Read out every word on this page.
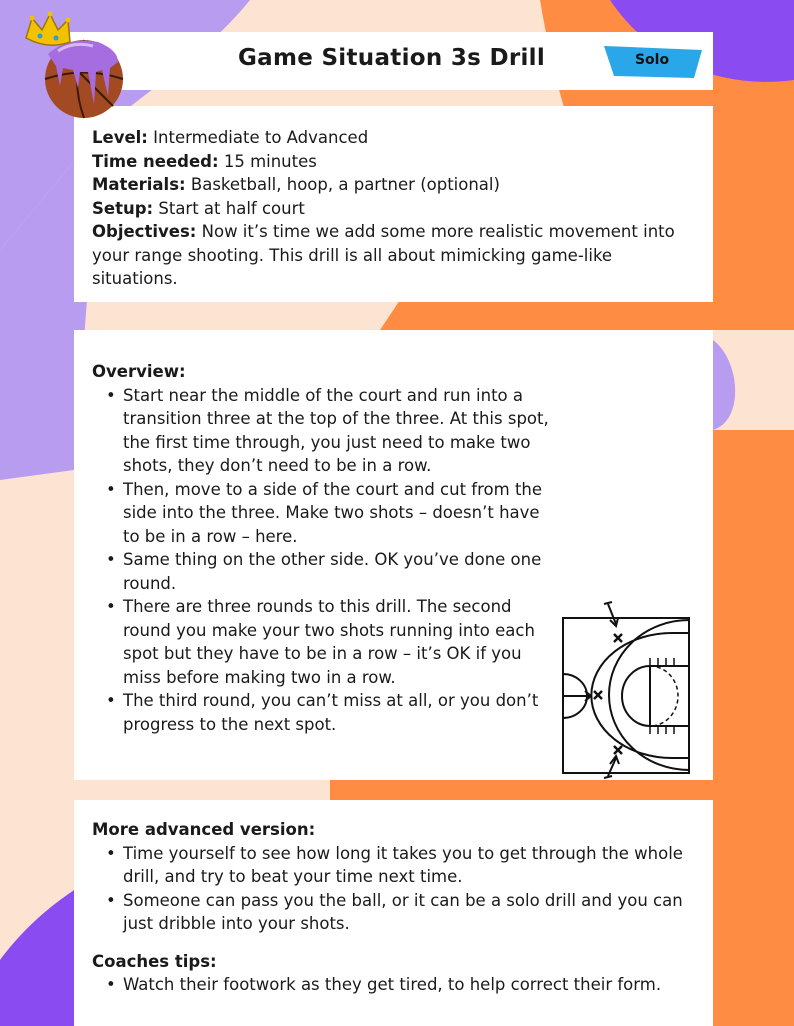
Game Situation 3s Drill	Solo

Level: Intermediate to Advanced

Time needed: 15 minutes

Materials: Basketball, hoop, a partner (optional)

Setup: Start at half court

Objectives: Now it’s time we add some more realistic movement into your range shooting. This drill is all about mimicking game-like situations.

Overview:

• Start near the middle of the court and run into a transition three at the top of the three. At this spot, the first time through, you just need to make two shots, they don’t need to be in a row.
• Then, move to a side of the court and cut from the side into the three. Make two shots – doesn’t have to be in a row – here.
• Same thing on the other side. OK you’ve done one round.
• There are three rounds to this drill. The second round you make your two shots running into each spot but they have to be in a row – it’s OK if you miss before making two in a row.
• The third round, you can’t miss at all, or you don’t progress to the next spot.

More advanced version:

• Time yourself to see how long it takes you to get through the whole drill, and try to beat your time next time.
• Someone can pass you the ball, or it can be a solo drill and you can just dribble into your shots.

Coaches tips:

• Watch their footwork as they get tired, to help correct their form.
